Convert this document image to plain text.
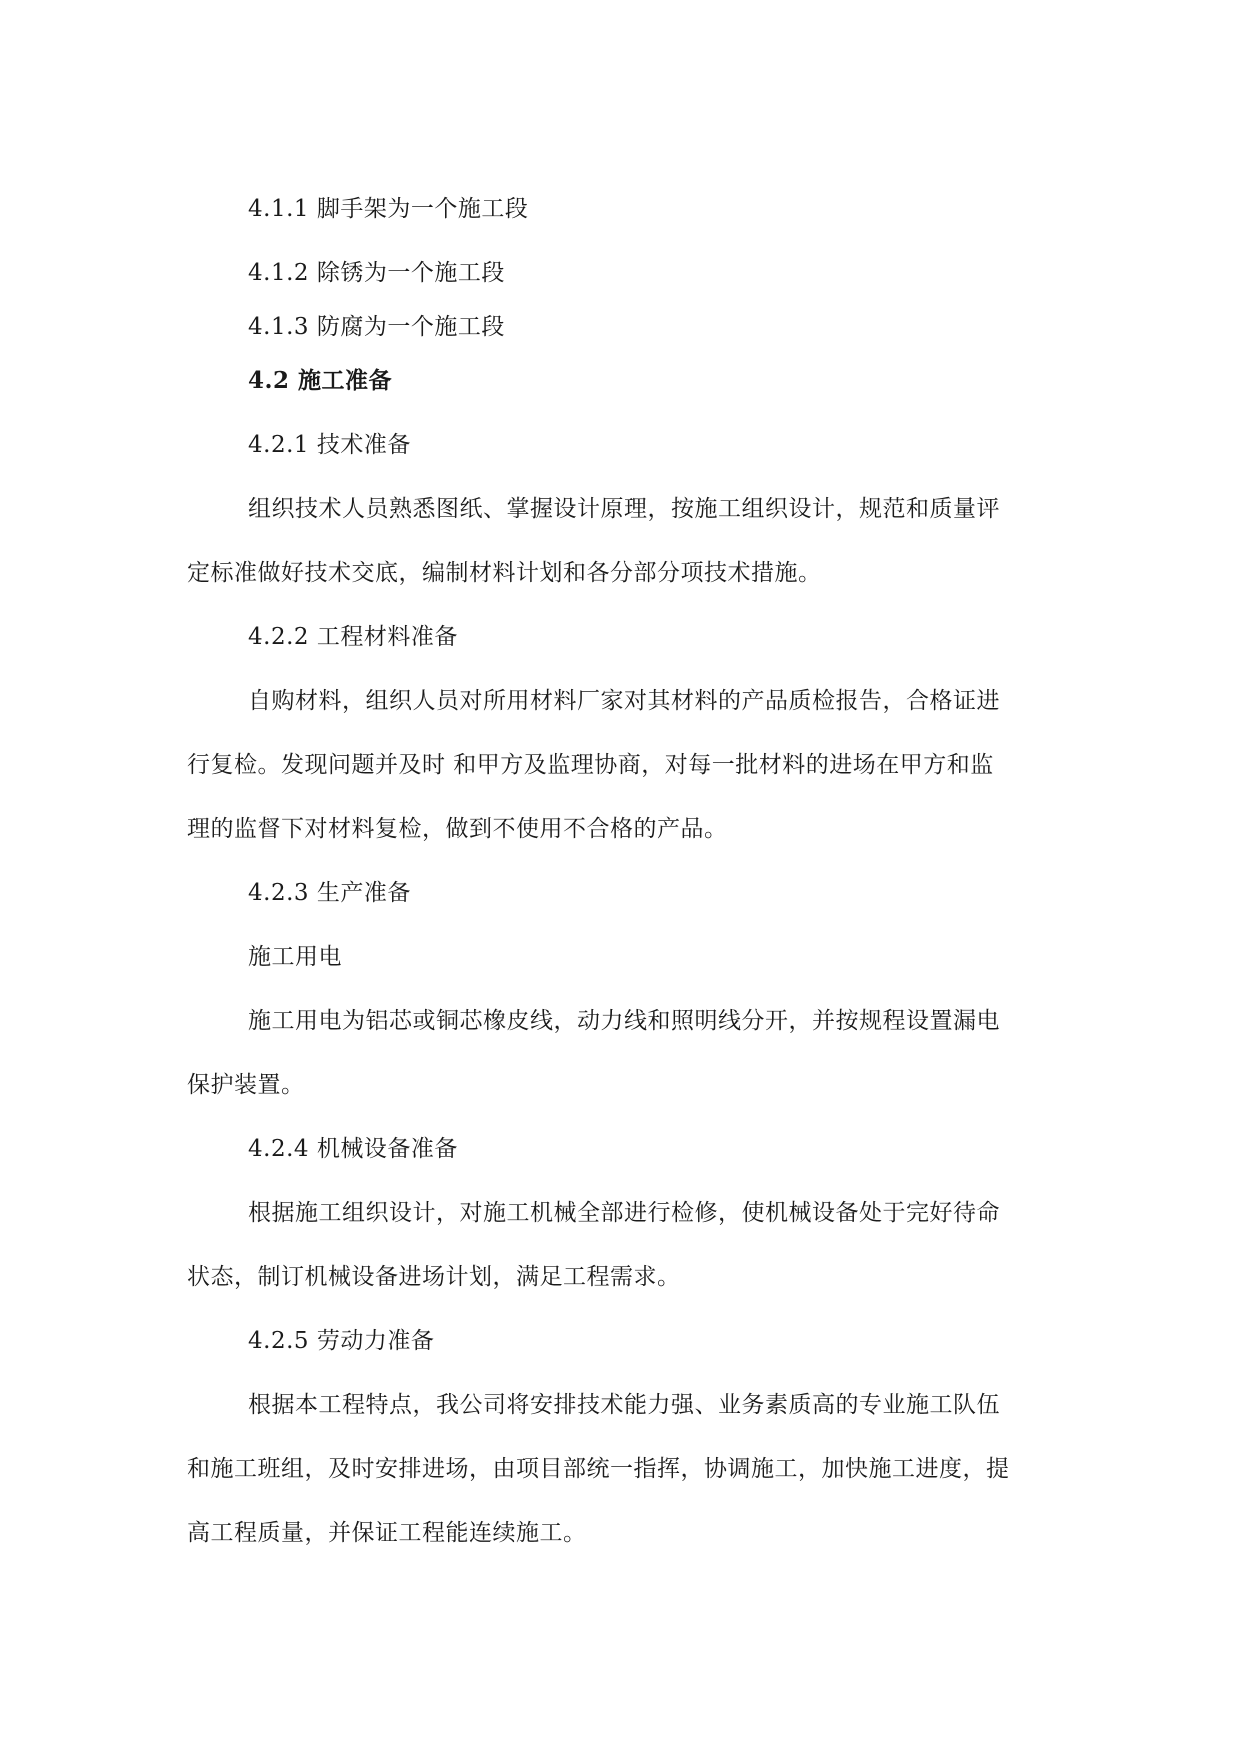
4.1.1 脚手架为一个施工段
4.1.2 除锈为一个施工段
4.1.3 防腐为一个施工段
4.2 施工准备
4.2.1 技术准备
组织技术人员熟悉图纸、掌握设计原理，按施工组织设计，规范和质量评
定标准做好技术交底，编制材料计划和各分部分项技术措施。
4.2.2 工程材料准备
自购材料，组织人员对所用材料厂家对其材料的产品质检报告，合格证进
行复检。发现问题并及时 和甲方及监理协商，对每一批材料的进场在甲方和监
理的监督下对材料复检，做到不使用不合格的产品。
4.2.3 生产准备
施工用电
施工用电为铝芯或铜芯橡皮线，动力线和照明线分开，并按规程设置漏电
保护装置。
4.2.4 机械设备准备
根据施工组织设计，对施工机械全部进行检修，使机械设备处于完好待命
状态，制订机械设备进场计划，满足工程需求。
4.2.5 劳动力准备
根据本工程特点，我公司将安排技术能力强、业务素质高的专业施工队伍
和施工班组，及时安排进场，由项目部统一指挥，协调施工，加快施工进度，提
高工程质量，并保证工程能连续施工。
